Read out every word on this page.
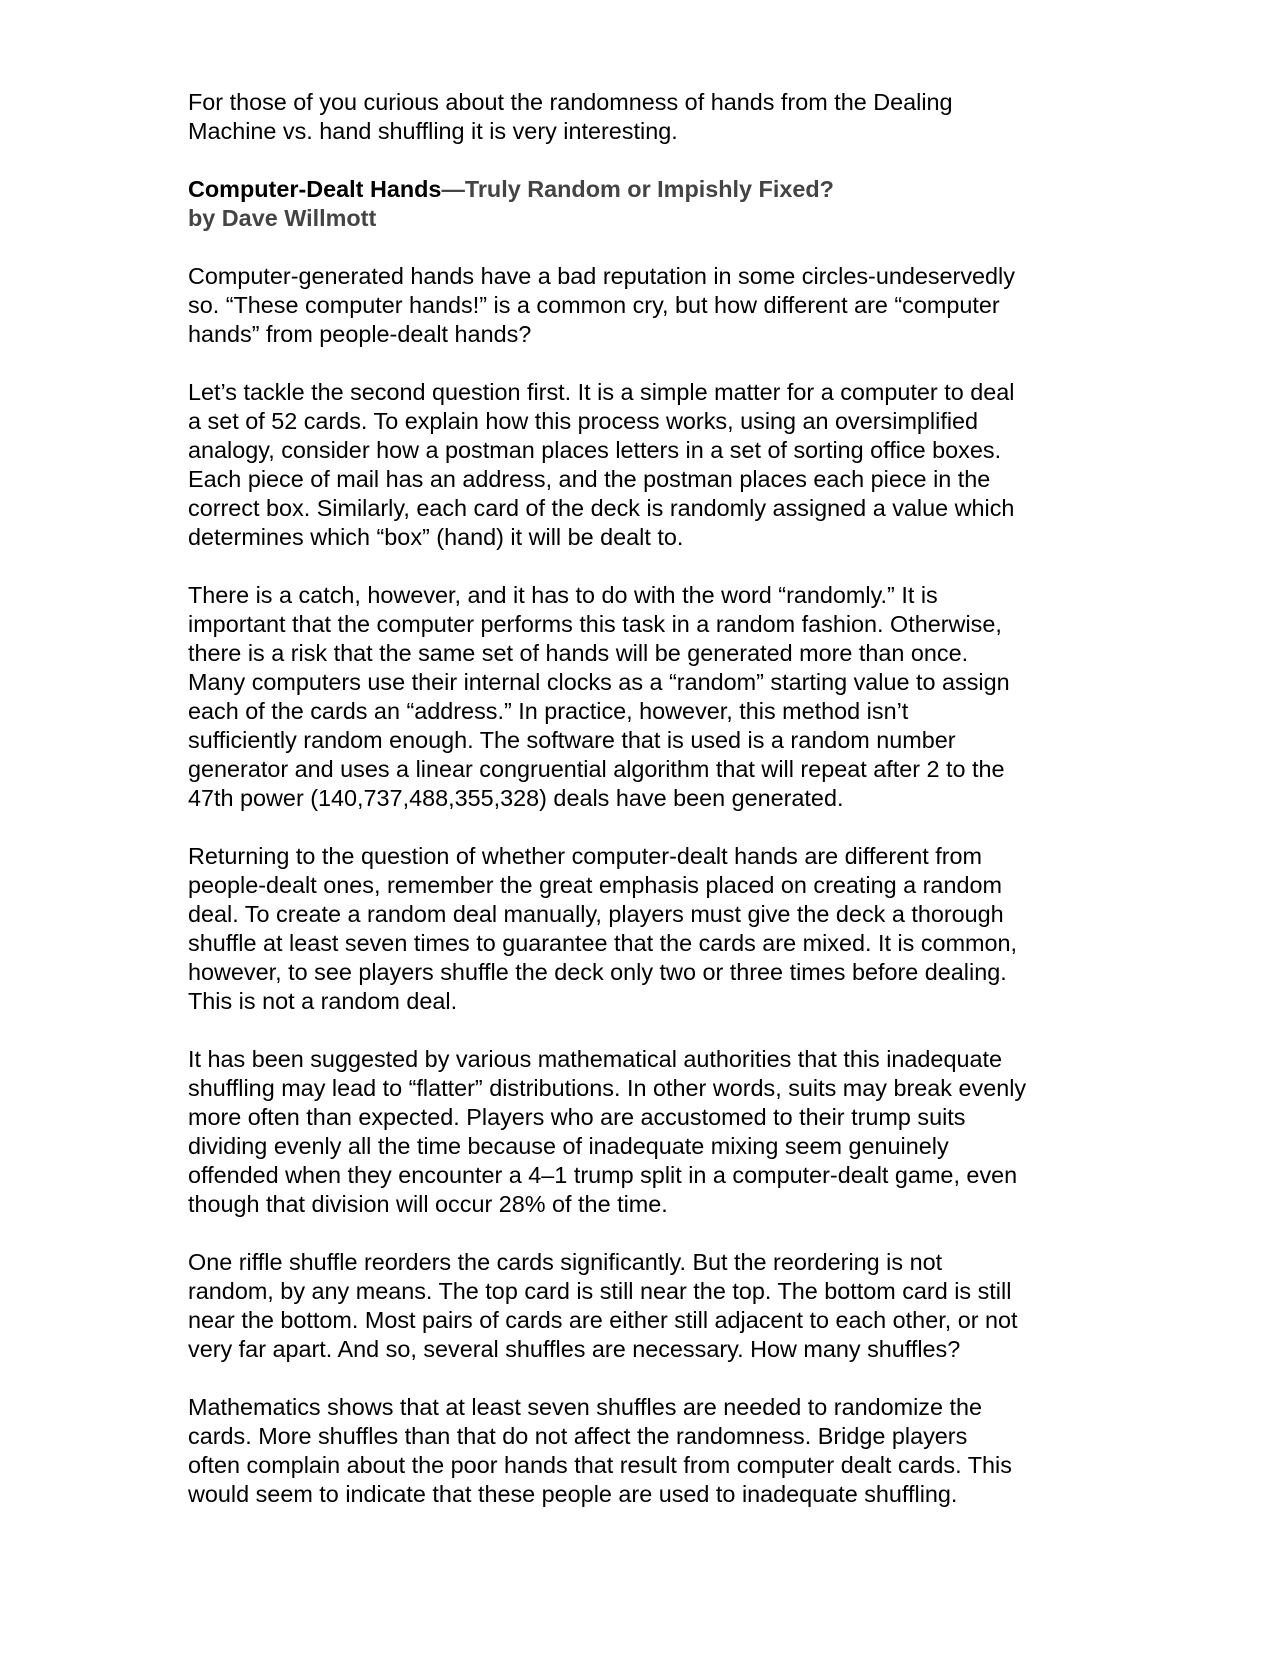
For those of you curious about the randomness of hands from the Dealing
Machine vs. hand shuffling it is very interesting.

Computer-Dealt Hands—Truly Random or Impishly Fixed?
by Dave Willmott

Computer-generated hands have a bad reputation in some circles-undeservedly
so. “These computer hands!” is a common cry, but how different are “computer
hands” from people-dealt hands?

Let’s tackle the second question first. It is a simple matter for a computer to deal
a set of 52 cards. To explain how this process works, using an oversimplified
analogy, consider how a postman places letters in a set of sorting office boxes.
Each piece of mail has an address, and the postman places each piece in the
correct box. Similarly, each card of the deck is randomly assigned a value which
determines which “box” (hand) it will be dealt to.

There is a catch, however, and it has to do with the word “randomly.” It is
important that the computer performs this task in a random fashion. Otherwise,
there is a risk that the same set of hands will be generated more than once.
Many computers use their internal clocks as a “random” starting value to assign
each of the cards an “address.” In practice, however, this method isn’t
sufficiently random enough. The software that is used is a random number
generator and uses a linear congruential algorithm that will repeat after 2 to the
47th power (140,737,488,355,328) deals have been generated.

Returning to the question of whether computer-dealt hands are different from
people-dealt ones, remember the great emphasis placed on creating a random
deal. To create a random deal manually, players must give the deck a thorough
shuffle at least seven times to guarantee that the cards are mixed. It is common,
however, to see players shuffle the deck only two or three times before dealing.
This is not a random deal.

It has been suggested by various mathematical authorities that this inadequate
shuffling may lead to “flatter” distributions. In other words, suits may break evenly
more often than expected. Players who are accustomed to their trump suits
dividing evenly all the time because of inadequate mixing seem genuinely
offended when they encounter a 4–1 trump split in a computer-dealt game, even
though that division will occur 28% of the time.

One riffle shuffle reorders the cards significantly. But the reordering is not
random, by any means. The top card is still near the top. The bottom card is still
near the bottom. Most pairs of cards are either still adjacent to each other, or not
very far apart. And so, several shuffles are necessary. How many shuffles?

Mathematics shows that at least seven shuffles are needed to randomize the
cards. More shuffles than that do not affect the randomness. Bridge players
often complain about the poor hands that result from computer dealt cards. This
would seem to indicate that these people are used to inadequate shuffling.
